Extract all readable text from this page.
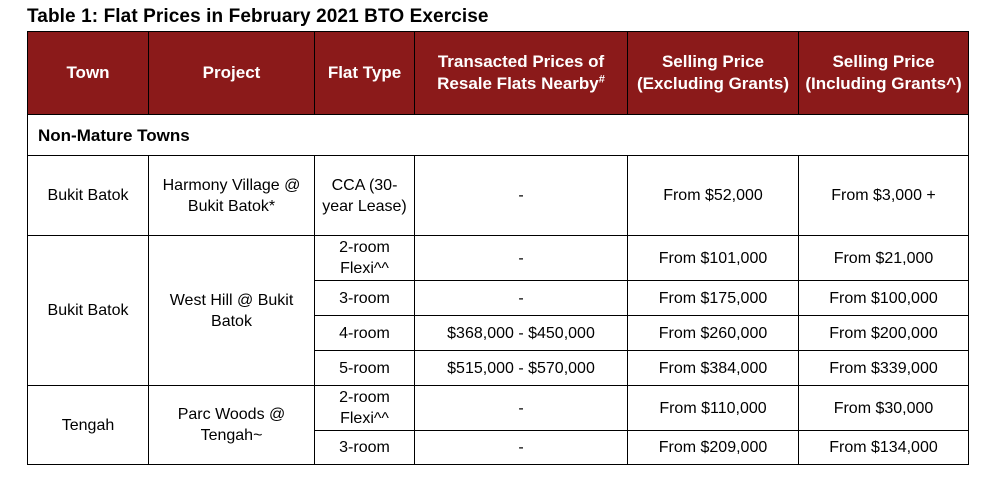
Table 1: Flat Prices in February 2021 BTO Exercise
Town	Project	Flat Type	Transacted Prices of Resale Flats Nearby#	Selling Price (Excluding Grants)	Selling Price (Including Grants^)
Non-Mature Towns					
Bukit Batok	Harmony Village @ Bukit Batok*	CCA (30-year Lease)	-	From $52,000	From $3,000 +
Bukit Batok	West Hill @ Bukit Batok	2-room Flexi^^	-	From $101,000	From $21,000
		3-room	-	From $175,000	From $100,000
		4-room	$368,000 - $450,000	From $260,000	From $200,000
		5-room	$515,000 - $570,000	From $384,000	From $339,000
Tengah	Parc Woods @ Tengah~	2-room Flexi^^	-	From $110,000	From $30,000
		3-room	-	From $209,000	From $134,000
